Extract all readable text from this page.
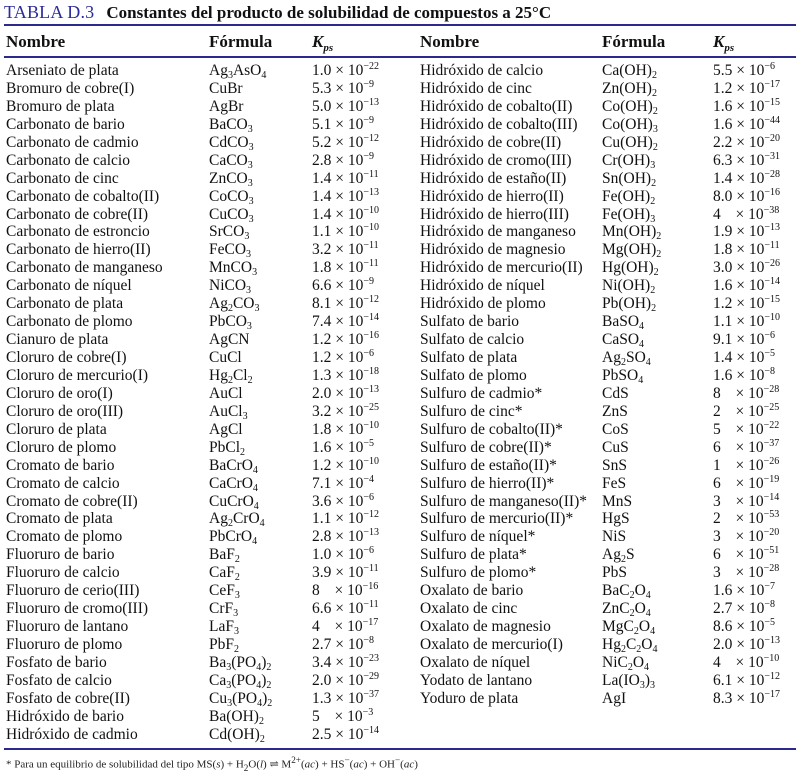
TABLA D.3 Constantes del producto de solubilidad de compuestos a 25°C
Nombre	Fórmula $K_{ps}$
Arseniato de plata	$Ag_3AsO_4$	$1.0 \times 10^{-22}$
Bromuro de cobre(I)	CuBr	$5.3 \times 10^{-9}$
Bromuro de plata	AgBr	$5.0 \times 10^{-13}$
Carbonato de bario	BaCO$_3$	$5.1 \times 10^{-9}$
Carbonato de cadmio	CdCO$_3$	$5.2 \times 10^{-12}$
Carbonato de calcio	CaCO$_3$	$2.8 \times 10^{-9}$
Carbonato de cinc	ZnCO$_3$	$1.4 \times 10^{-11}$
Carbonato de cobalto(II)	CoCO$_3$	$1.4 \times 10^{-13}$
Carbonato de cobre(II)	CuCO$_3$	$1.4 \times 10^{-10}$
Carbonato de estroncio	SrCO$_3$	$1.1 \times 10^{-10}$
Carbonato de hierro(II)	FeCO$_3$	$3.2 \times 10^{-11}$
Carbonato de manganeso	MnCO$_3$	$1.8 \times 10^{-11}$
Carbonato de níquel	NiCO$_3$	$6.6 \times 10^{-9}$
Carbonato de plata	$Ag_2CO_3$	$8.1 \times 10^{-12}$
Carbonato de plomo	PbCO$_3$	$7.4 \times 10^{-14}$
Cianuro de plata	AgCN	$1.2 \times 10^{-16}$
Cloruro de cobre(I)	CuCl	$1.2 \times 10^{-6}$
Cloruro de mercurio(I)	$Hg_2Cl_2$	$1.3 \times 10^{-18}$
Cloruro de oro(I)	AuCl	$2.0 \times 10^{-13}$
Cloruro de oro(III)	AuCl$_3$	$3.2 \times 10^{-25}$
Cloruro de plata	AgCl	$1.8 \times 10^{-10}$
Cloruro de plomo	PbCl$_2$	$1.6 \times 10^{-5}$
Cromato de bario	BaCrO$_4$	$1.2 \times 10^{-10}$
Cromato de calcio	CaCrO$_4$	$7.1 \times 10^{-4}$
Cromato de cobre(II)	CuCrO$_4$	$3.6 \times 10^{-6}$
Cromato de plata	$Ag_2CrO_4$	$1.1 \times 10^{-12}$
Cromato de plomo	PbCrO$_4$	$2.8 \times 10^{-13}$
Fluoruro de bario	BaF$_2$	$1.0 \times 10^{-6}$
Fluoruro de calcio	CaF$_2$	$3.9 \times 10^{-11}$
Fluoruro de cerio(III)	CeF$_3$	8   × $10^{-16}$
Fluoruro de cromo(III)	CrF$_3$	$6.6 \times 10^{-11}$
Fluoruro de lantano	LaF$_3$	4   × $10^{-17}$
Fluoruro de plomo	PbF$_2$	$2.7 \times 10^{-8}$
Fosfato de bario	$Ba_3(PO_4)_2$	$3.4 \times 10^{-23}$
Fosfato de calcio	$Ca_3(PO_4)_2$	$2.0 \times 10^{-29}$
Fosfato de cobre(II)	$Cu_3(PO_4)_2$	$1.3 \times 10^{-37}$
Hidróxido de bario	$Ba(OH)_2$	5   × $10^{-3}$
Hidróxido de cadmio	$Cd(OH)_2$	$2.5 \times 10^{-14}$
Nombre	Fórmula	$K_{ps}$
Hidróxido de calcio	$Ca(OH)_2$	$5.5 \times 10^{-6}$
Hidróxido de cinc	$Zn(OH)_2$	$1.2 \times 10^{-17}$
Hidróxido de cobalto(II) $Co(OH)_2$	$1.6 \times 10^{-15}$
Hidróxido de cobalto(III) $Co(OH)_3$	$1.6 \times 10^{-44}$
Hidróxido de cobre(II)	$Cu(OH)_2$	$2.2 \times 10^{-20}$
Hidróxido de cromo(III) $Cr(OH)_3$	$6.3 \times 10^{-31}$
Hidróxido de estaño(II) $Sn(OH)_2$	$1.4 \times 10^{-28}$
Hidróxido de hierro(II) $Fe(OH)_2$	$8.0 \times 10^{-16}$
Hidróxido de hierro(III) $Fe(OH)_3$	4   × $10^{-38}$
Hidróxido de manganeso $Mn(OH)_2$	$1.9 \times 10^{-13}$
Hidróxido de magnesio $Mg(OH)_2$	$1.8 \times 10^{-11}$
Hidróxido de mercurio(II) $Hg(OH)_2$	$3.0 \times 10^{-26}$
Hidróxido de níquel	$Ni(OH)_2$	$1.6 \times 10^{-14}$
Hidróxido de plomo	$Pb(OH)_2$	$1.2 \times 10^{-15}$
Sulfato de bario	BaSO$_4$	$1.1 \times 10^{-10}$
Sulfato de calcio	CaSO$_4$	$9.1 \times 10^{-6}$
Sulfato de plata	$Ag_2SO_4$	$1.4 \times 10^{-5}$
Sulfato de plomo	PbSO$_4$	$1.6 \times 10^{-8}$
Sulfuro de cadmio*	CdS	8   × $10^{-28}$
Sulfuro de cinc*	ZnS	2   × $10^{-25}$
Sulfuro de cobalto(II)*	CoS	5   × $10^{-22}$
Sulfuro de cobre(II)*	CuS	6   × $10^{-37}$
Sulfuro de estaño(II)*	SnS	1   × $10^{-26}$
Sulfuro de hierro(II)*	FeS	6   × $10^{-19}$
Sulfuro de manganeso(II)* MnS	3   × $10^{-14}$
Sulfuro de mercurio(II)* HgS	2   × $10^{-53}$
Sulfuro de níquel*	NiS	3   × $10^{-20}$
Sulfuro de plata*	$Ag_2S$	6   × $10^{-51}$
Sulfuro de plomo*	PbS	3   × $10^{-28}$
Oxalato de bario	$BaC_2O_4$	$1.6 \times 10^{-7}$
Oxalato de cinc	$ZnC_2O_4$	$2.7 \times 10^{-8}$
Oxalato de magnesio	$MgC_2O_4$	$8.6 \times 10^{-5}$
Oxalato de mercurio(I)	$Hg_2C_2O_4$	$2.0 \times 10^{-13}$
Oxalato de níquel	$NiC_2O_4$	4   × $10^{-10}$
Yodato de lantano	$La(IO_3)_3$	$6.1 \times 10^{-12}$
Yoduro de plata	AgI	$8.3 \times 10^{-17}$
* Para un equilibrio de solubilidad del tipo $MS(s) + H_2O(l)$ ⇌ $M^{2+}(ac) + HS^-(ac) + OH^-(ac)$
